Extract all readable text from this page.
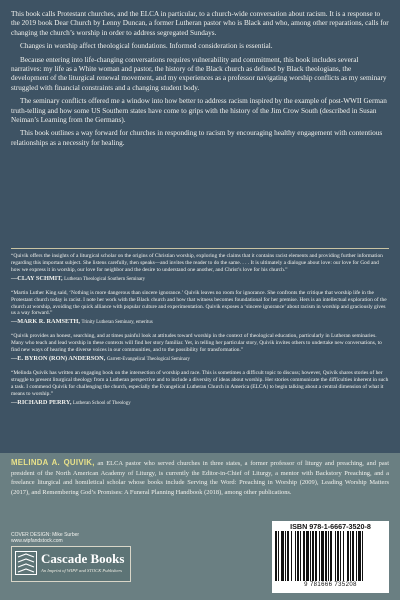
This book calls Protestant churches, and the ELCA in particular, to a church-wide conversation about racism. It is a response to the 2019 book Dear Church by Lenny Duncan, a former Lutheran pastor who is Black and who, among other reparations, calls for changing the church’s worship in order to address segregated Sundays.

Changes in worship affect theological foundations. Informed consideration is essential.

Because entering into life-changing conversations requires vulnerability and commitment, this book includes several narratives: my life as a White woman and pastor, the history of the Black church as defined by Black theologians, the development of the liturgical renewal movement, and my experiences as a professor navigating worship conflicts as my seminary struggled with financial constraints and a changing student body.

The seminary conflicts offered me a window into how better to address racism inspired by the example of post-WWII German truth-telling and how some US Southern states have come to grips with the history of the Jim Crow South (described in Susan Neiman’s Learning from the Germans).

This book outlines a way forward for churches in responding to racism by encouraging healthy engagement with contentious relationships as a necessity for healing.

“Quivik offers the insights of a liturgical scholar on the origins of Christian worship, exploring the claims that it contains racist elements and providing further information regarding this important subject. She listens carefully, then speaks—and invites the reader to do the same. . . . It is ultimately a dialogue about love: our love for God and how we express it in worship, our love for neighbor and the desire to understand one another, and Christ’s love for his church.”

—CLAY SCHMIT, Lutheran Theological Southern Seminary

“Martin Luther King said, ‘Nothing is more dangerous than sincere ignorance.’ Quivik leaves no room for ignorance. She confronts the critique that worship life in the Protestant church today is racist. I note her work with the Black church and how that witness becomes foundational for her premise. Hers is an intellectual exploration of the church at worship, avoiding the quick alliance with popular culture and experimentation. Quivik exposes a ‘sincere ignorance’ about racism in worship and graciously gives us a way forward.”

—MARK R. RAMSETH, Trinity Lutheran Seminary, emeritus

“Quivik provides an honest, searching, and at times painful look at attitudes toward worship in the context of theological education, particularly in Lutheran seminaries. Many who teach and lead worship in these contexts will find her story familiar. Yet, in telling her particular story, Quivik invites others to undertake new conversations, to find new ways of hearing the diverse voices in our communities, and to the possibility for transformation.”

—E. BYRON (RON) ANDERSON, Garrett-Evangelical Theological Seminary

“Melinda Quivik has written an engaging book on the intersection of worship and race. This is sometimes a difficult topic to discuss; however, Quivik shares stories of her struggle to present liturgical theology from a Lutheran perspective and to include a diversity of ideas about worship. Her stories communicate the difficulties inherent in such a task. I commend Quivik for challenging the church, especially the Evangelical Lutheran Church in America (ELCA) to begin talking about a central dimension of what it means to worship.”

—RICHARD PERRY, Lutheran School of Theology

MELINDA A. QUIVIK, an ELCA pastor who served churches in three states, a former professor of liturgy and preaching, and past president of the North American Academy of Liturgy, is currently the Editor-in-Chief of Liturgy, a mentor with Backstory Preaching, and a freelance liturgical and homiletical scholar whose books include Serving the Word: Preaching in Worship (2009), Leading Worship Matters (2017), and Remembering God’s Promises: A Funeral Planning Handbook (2018), among other publications.
COVER DESIGN: Mike Surber
www.wipfandstock.com
Cascade Books
An Imprint of WIPF and STOCK Publishers
ISBN 978-1-6667-3520-8
9 781666 735208
